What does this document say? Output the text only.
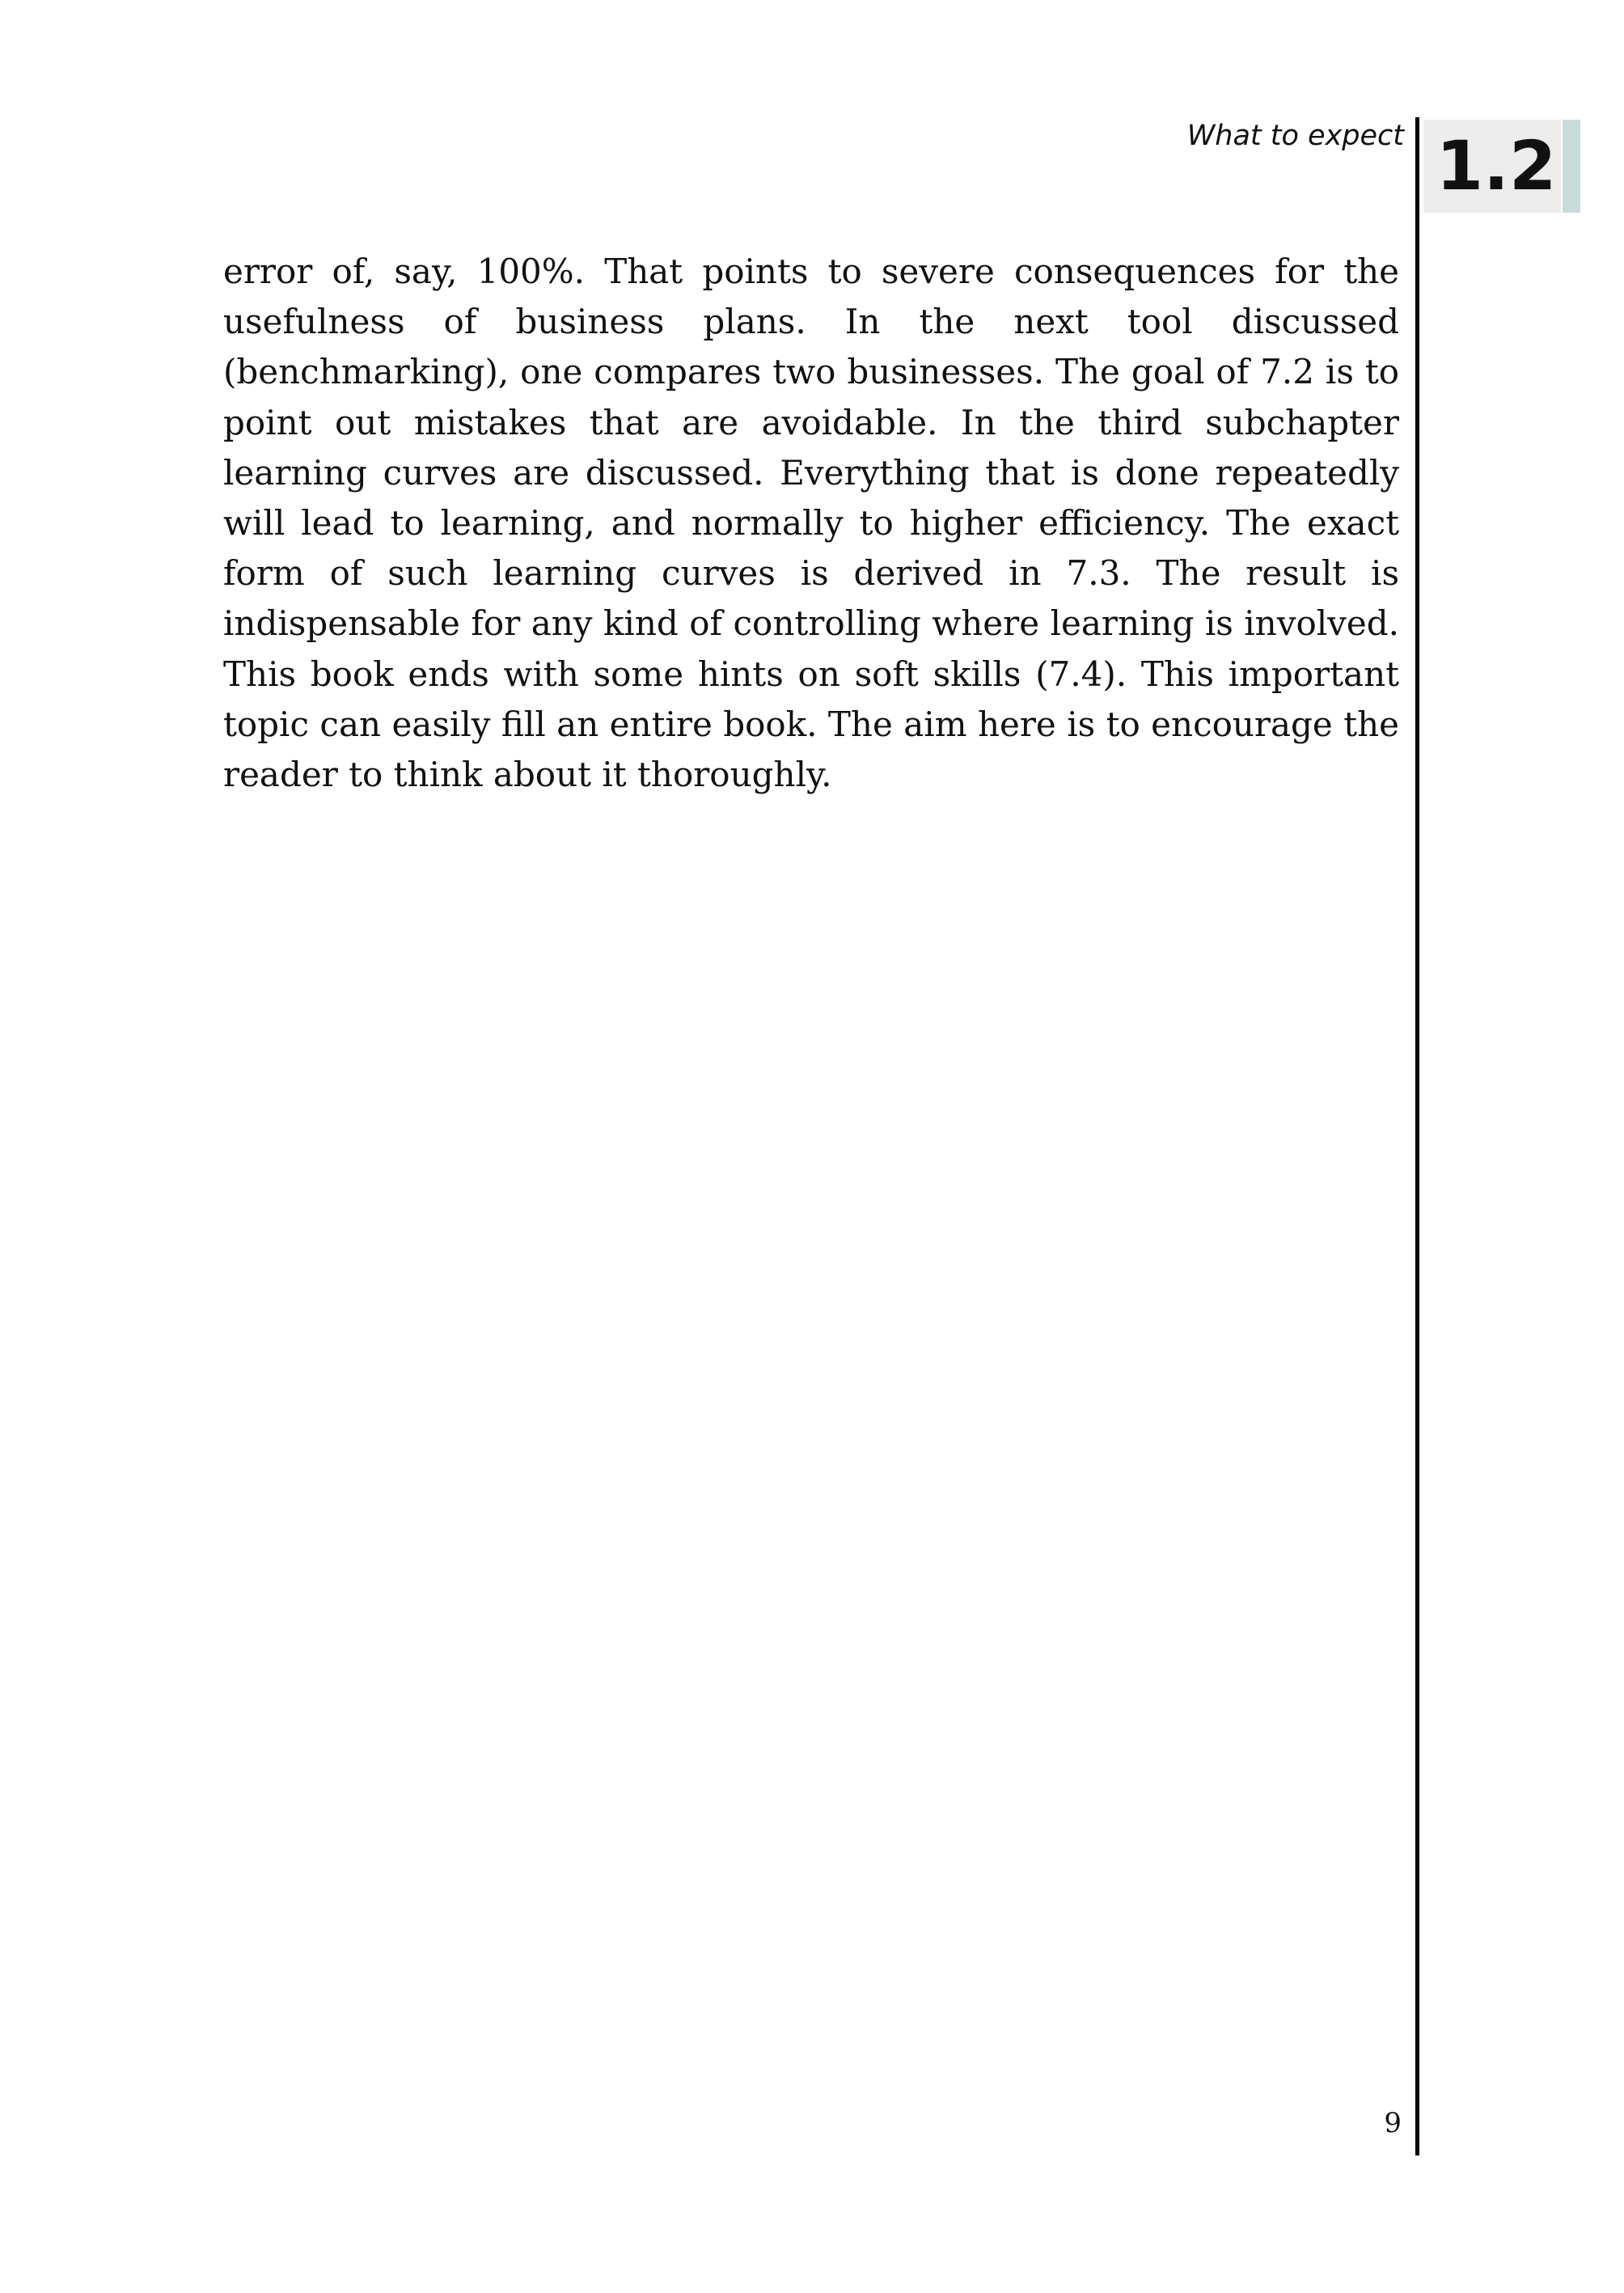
What to expect 1.2

error of, say, 100%. That points to severe consequences for the usefulness of business plans. In the next tool discussed (benchmarking), one compares two businesses. The goal of 7.2 is to point out mistakes that are avoidable. In the third subchapter learning curves are discussed. Everything that is done repeatedly will lead to learning, and normally to higher efficiency. The exact form of such learning curves is derived in 7.3. The result is indispensable for any kind of controlling where learning is involved. This book ends with some hints on soft skills (7.4). This important topic can easily fill an entire book. The aim here is to encourage the reader to think about it thoroughly.

9
